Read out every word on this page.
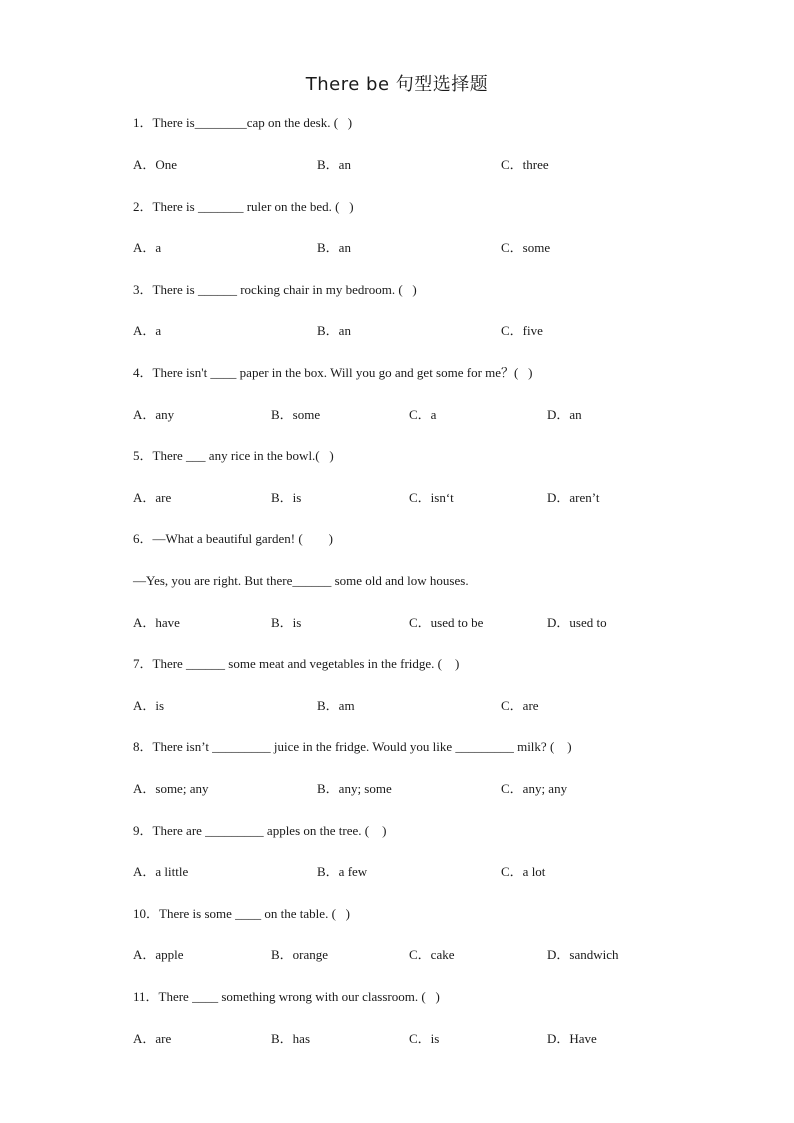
There be 句型选择题
1．There is________cap on the desk. (   )
A．One	B．an	C．three
2．There is _______ ruler on the bed. (   )
A．a	B．an	C．some
3．There is ______ rocking chair in my bedroom. (   )
A．a	B．an	C．five
4．There isn't ____ paper in the box. Will you go and get some for me？(   )
A．any	B．some	C．a	D．an
5．There ___ any rice in the bowl.(   )
A．are	B．is	C．isn‘t	D．aren’t
6．—What a beautiful garden! (        )
—Yes, you are right. But there______ some old and low houses.
A．have	B．is	C．used to be	D．used to
7．There ______ some meat and vegetables in the fridge. (    )
A．is	B．am	C．are
8．There isn’t _________ juice in the fridge. Would you like _________ milk? (    )
A．some; any	B．any; some	C．any; any
9．There are _________ apples on the tree. (    )
A．a little	B．a few	C．a lot
10．There is some ____ on the table. (   )
A．apple	B．orange	C．cake	D．sandwich
11．There ____ something wrong with our classroom. (   )
A．are	B．has	C．is	D．Have
